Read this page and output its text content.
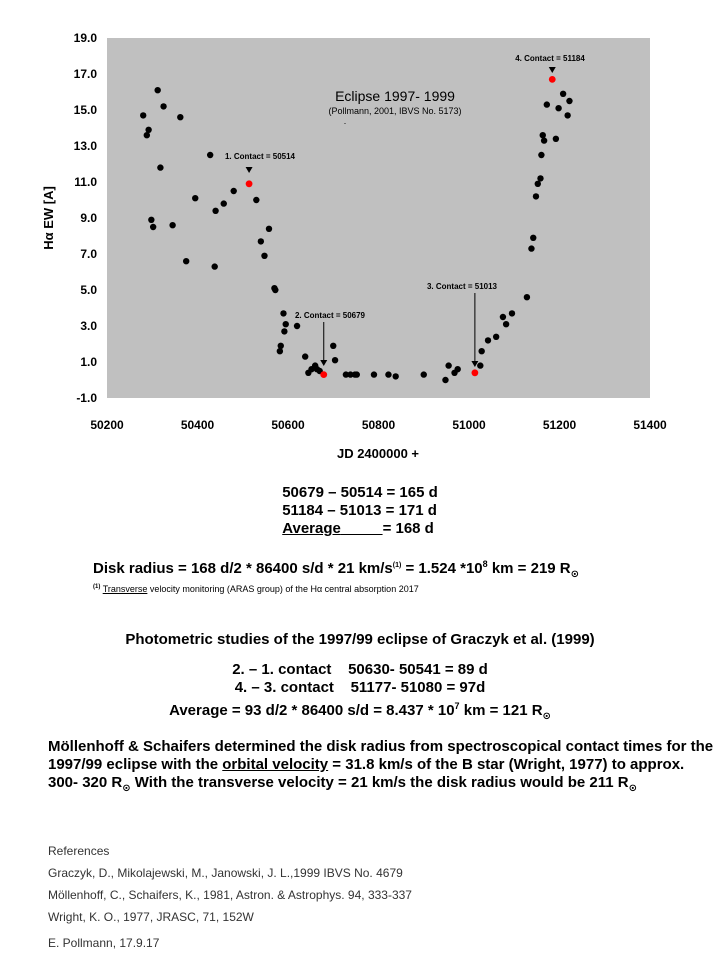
-1.0
1.0
3.0
5.0
7.0
9.0
11.0
13.0
15.0
17.0
19.0
50200	50400	50600	50800	51000	51200	51400
1. Contact = 50514
2. Contact = 50679
3. Contact = 51013
4. Contact = 51184
Eclipse 1997- 1999
(Pollmann, 2001, IBVS No. 5173)
.
JD 2400000 +
Hα EW [A]
50679 – 50514 = 165 d
51184 – 51013 = 171 d
Average	= 168 d
Disk radius = 168 d/2 * 86400 s/d * 21 $km/s^{(1)} = 1.524$ $*10^8$ km = 219 $R_⊙$
$^{(1)}$ Transverse velocity monitoring (ARAS group) of the Hα central absorption 2017
Photometric studies of the 1997/99 eclipse of Graczyk et al. (1999)
2. – 1. contact    50630- 50541 = 89 d
4. – 3. contact    51177- 51080 = 97d
Average = 93 d/2 * 86400 $s/d = 8.437 * 10^7$ km = 121 $R_⊙$
Möllenhoff & Schaifers determined the disk radius from spectroscopical contact times for the 1997/99 eclipse with the orbital velocity = 31.8 km/s of the B star (Wright, 1977) to approx. 300- 320 $R_⊙$ With the transverse velocity = 21 km/s the disk radius would be 211 $R_⊙$
References
Graczyk, D., Mikolajewski, M., Janowski, J. L.,1999 IBVS No. 4679
Möllenhoff, C., Schaifers, K., 1981, Astron. & Astrophys. 94, 333-337
Wright, K. O., 1977, JRASC, 71, 152W
E. Pollmann, 17.9.17
